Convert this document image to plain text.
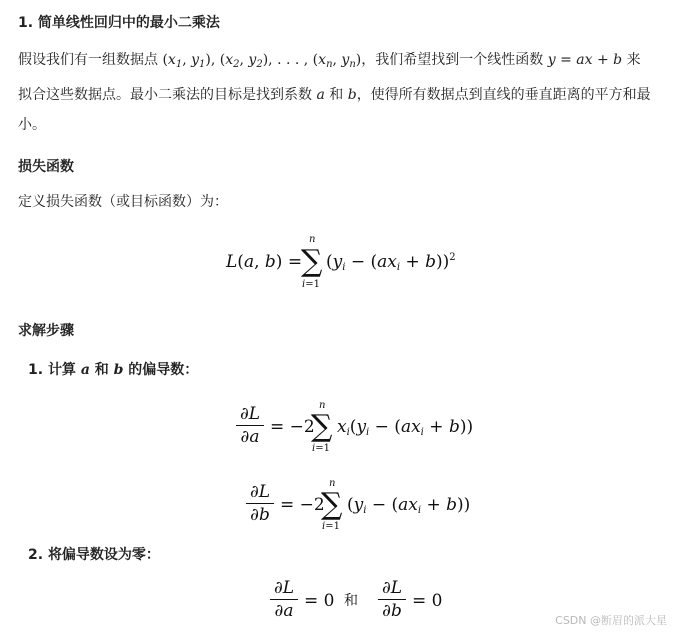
1. 简单线性回归中的最小二乘法
假设我们有一组数据点 ($x_1$, $y_1$), ($x_2$, $y_2$), . . . , ($x_n$, $y_n$)，我们希望找到一个线性函数 y = ax + b 来
拟合这些数据点。最小二乘法的目标是找到系数 a 和 b，使得所有数据点到直线的垂直距离的平方和最
小。
损失函数
定义损失函数（或目标函数）为：
L(a, b) =
n
∑
i=1
$(y_i - (ax_i + b))^2$
求解步骤
1. 计算 a 和 b 的偏导数：
∂L
∂a = −2
n
∑
i=1
$x_i(y_i - (ax_i + b))$
∂L
∂b = −2
n
∑
i=1
$(y_i - (ax_i + b))$
2. 将偏导数设为零：
∂L
∂a = 0 和
∂L
∂b = 0
CSDN @断眉的派大星
